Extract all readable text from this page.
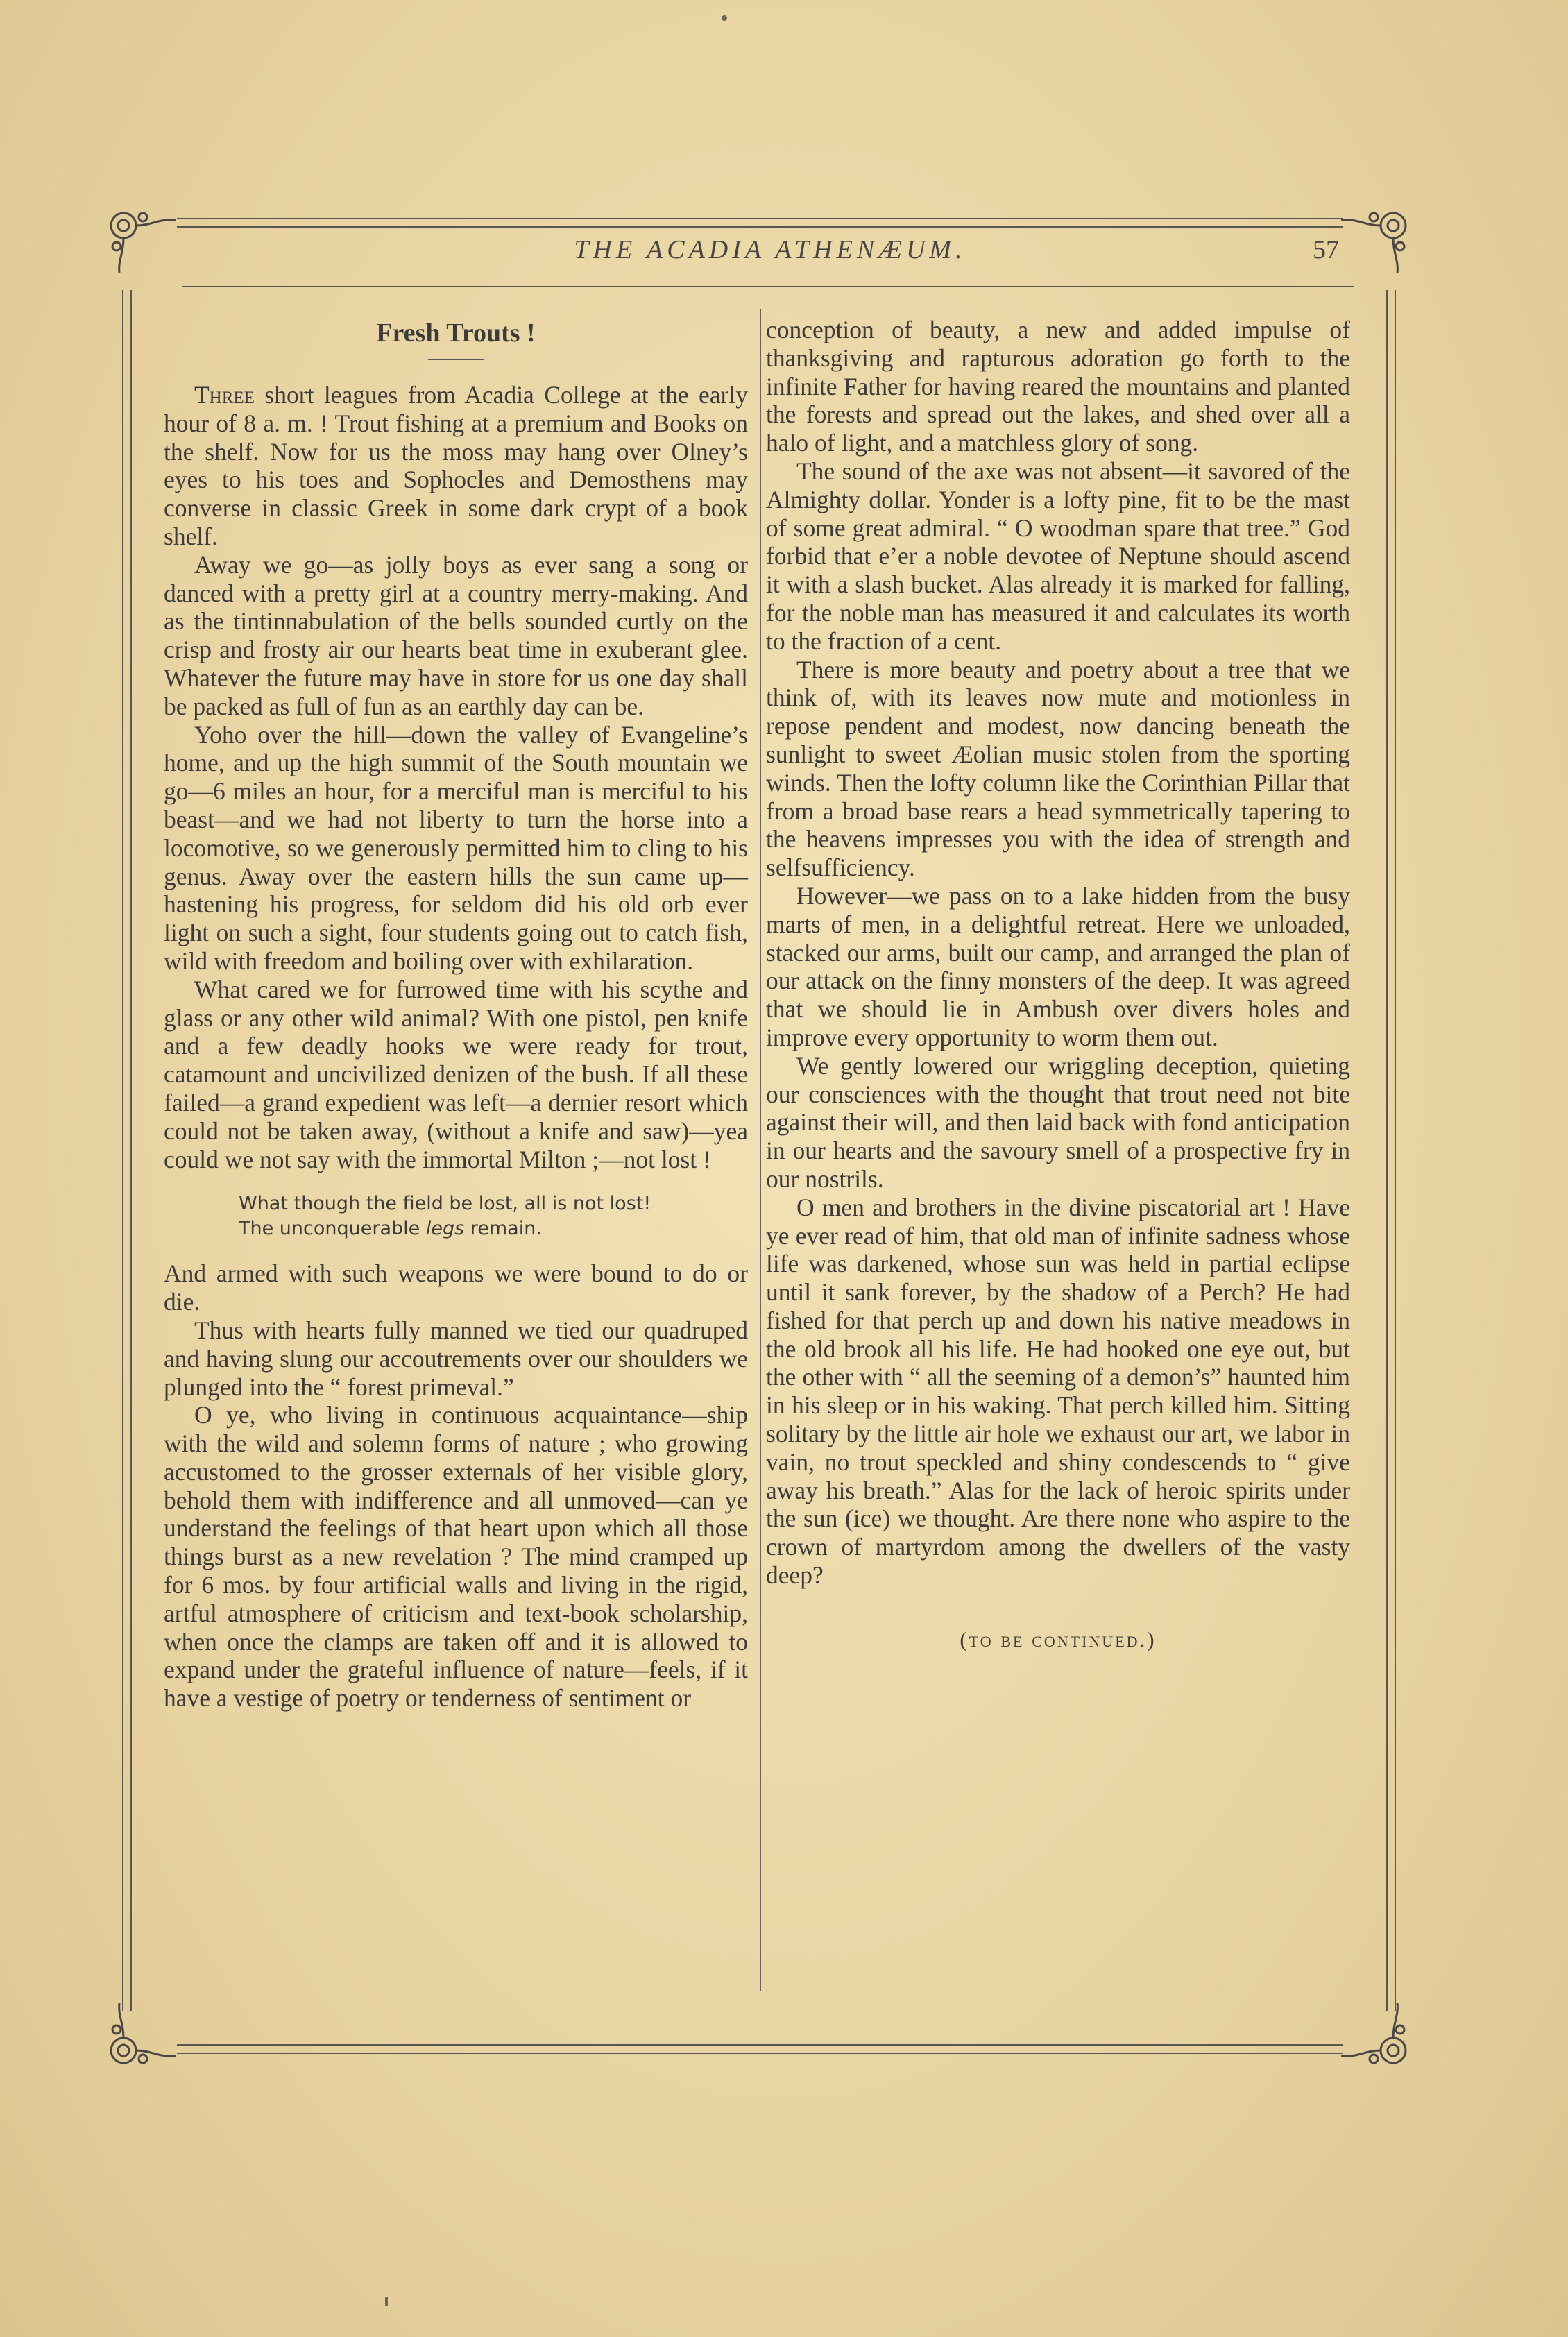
THE ACADIA ATHENÆUM.	57
Fresh Trouts !

Three short leagues from Acadia College at the early hour of 8 a. m. ! Trout fishing at a premium and Books on the shelf. Now for us the moss may hang over Olney’s eyes to his toes and Sophocles and Demosthens may converse in classic Greek in some dark crypt of a book shelf.

Away we go—as jolly boys as ever sang a song or danced with a pretty girl at a country merry-making. And as the tintinnabulation of the bells sounded curtly on the crisp and frosty air our hearts beat time in exuberant glee. Whatever the future may have in store for us one day shall be packed as full of fun as an earthly day can be.

Yoho over the hill—down the valley of Evangeline’s home, and up the high summit of the South mountain we go—6 miles an hour, for a merciful man is merciful to his beast—and we had not liberty to turn the horse into a locomotive, so we generously permitted him to cling to his genus. Away over the eastern hills the sun came up—hastening his progress, for seldom did his old orb ever light on such a sight, four students going out to catch fish, wild with freedom and boiling over with exhilaration.

What cared we for furrowed time with his scythe and glass or any other wild animal? With one pistol, pen knife and a few deadly hooks we were ready for trout, catamount and uncivilized denizen of the bush. If all these failed—a grand expedient was left—a dernier resort which could not be taken away, (without a knife and saw)—yea could we not say with the immortal Milton ;—not lost !

What though the field be lost, all is not lost!
The unconquerable legs remain.

And armed with such weapons we were bound to do or die.

Thus with hearts fully manned we tied our quadruped and having slung our accoutrements over our shoulders we plunged into the “ forest primeval.”

O ye, who living in continuous acquaintance—ship with the wild and solemn forms of nature ; who growing accustomed to the grosser externals of her visible glory, behold them with indifference and all unmoved—can ye understand the feelings of that heart upon which all those things burst as a new revelation ? The mind cramped up for 6 mos. by four artificial walls and living in the rigid, artful atmosphere of criticism and text-book scholarship, when once the clamps are taken off and it is allowed to expand under the grateful influence of nature—feels, if it have a vestige of poetry or tenderness of sentiment or

conception of beauty, a new and added impulse of thanksgiving and rapturous adoration go forth to the infinite Father for having reared the mountains and planted the forests and spread out the lakes, and shed over all a halo of light, and a matchless glory of song.

The sound of the axe was not absent—it savored of the Almighty dollar. Yonder is a lofty pine, fit to be the mast of some great admiral. “ O woodman spare that tree.” God forbid that e’er a noble devotee of Neptune should ascend it with a slash bucket. Alas already it is marked for falling, for the noble man has measured it and calculates its worth to the fraction of a cent.

There is more beauty and poetry about a tree that we think of, with its leaves now mute and motionless in repose pendent and modest, now dancing beneath the sunlight to sweet Æolian music stolen from the sporting winds. Then the lofty column like the Corinthian Pillar that from a broad base rears a head symmetrically tapering to the heavens impresses you with the idea of strength and selfsufficiency.

However—we pass on to a lake hidden from the busy marts of men, in a delightful retreat. Here we unloaded, stacked our arms, built our camp, and arranged the plan of our attack on the finny monsters of the deep. It was agreed that we should lie in Ambush over divers holes and improve every opportunity to worm them out.

We gently lowered our wriggling deception, quieting our consciences with the thought that trout need not bite against their will, and then laid back with fond anticipation in our hearts and the savoury smell of a prospective fry in our nostrils.

O men and brothers in the divine piscatorial art ! Have ye ever read of him, that old man of infinite sadness whose life was darkened, whose sun was held in partial eclipse until it sank forever, by the shadow of a Perch? He had fished for that perch up and down his native meadows in the old brook all his life. He had hooked one eye out, but the other with “ all the seeming of a demon’s” haunted him in his sleep or in his waking. That perch killed him. Sitting solitary by the little air hole we exhaust our art, we labor in vain, no trout speckled and shiny condescends to “ give away his breath.” Alas for the lack of heroic spirits under the sun (ice) we thought. Are there none who aspire to the crown of martyrdom among the dwellers of the vasty deep?

(to be continued.)
